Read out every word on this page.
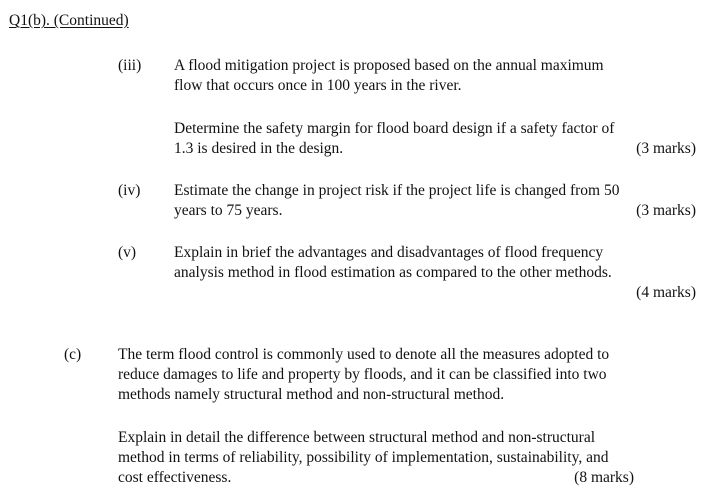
Q1(b). (Continued)
(iii) A flood mitigation project is proposed based on the annual maximum
flow that occurs once in 100 years in the river.
Determine the safety margin for flood board design if a safety factor of
1.3 is desired in the design.	(3 marks)
(iv) Estimate the change in project risk if the project life is changed from 50
years to 75 years.	(3 marks)
(v) Explain in brief the advantages and disadvantages of flood frequency
analysis method in flood estimation as compared to the other methods.
(4 marks)
(c) The term flood control is commonly used to denote all the measures adopted to
reduce damages to life and property by floods, and it can be classified into two
methods namely structural method and non-structural method.
Explain in detail the difference between structural method and non-structural
method in terms of reliability, possibility of implementation, sustainability, and
cost effectiveness.	(8 marks)
